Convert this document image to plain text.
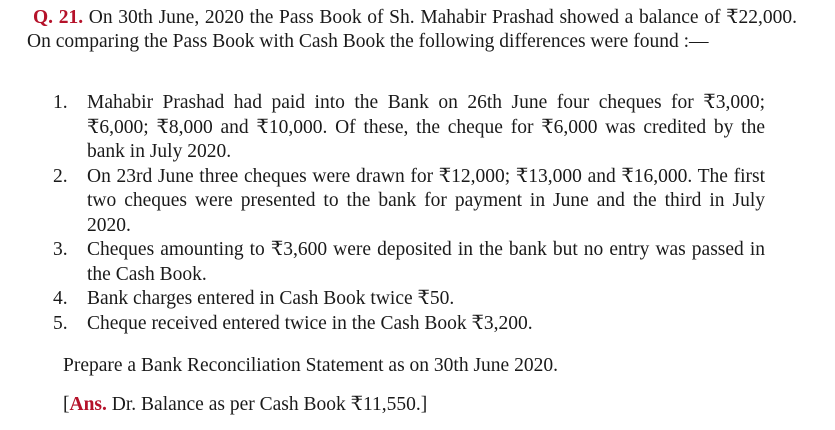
Q. 21. On 30th June, 2020 the Pass Book of Sh. Mahabir Prashad showed a balance of ₹22,000. On comparing the Pass Book with Cash Book the following differences were found :—

1. Mahabir Prashad had paid into the Bank on 26th June four cheques for ₹3,000; ₹6,000; ₹8,000 and ₹10,000. Of these, the cheque for ₹6,000 was credited by the bank in July 2020.
2. On 23rd June three cheques were drawn for ₹12,000; ₹13,000 and ₹16,000. The first two cheques were presented to the bank for payment in June and the third in July 2020.
3. Cheques amounting to ₹3,600 were deposited in the bank but no entry was passed in the Cash Book.
4. Bank charges entered in Cash Book twice ₹50.
5. Cheque received entered twice in the Cash Book ₹3,200.
Prepare a Bank Reconciliation Statement as on 30th June 2020.
[Ans. Dr. Balance as per Cash Book ₹11,550.]
